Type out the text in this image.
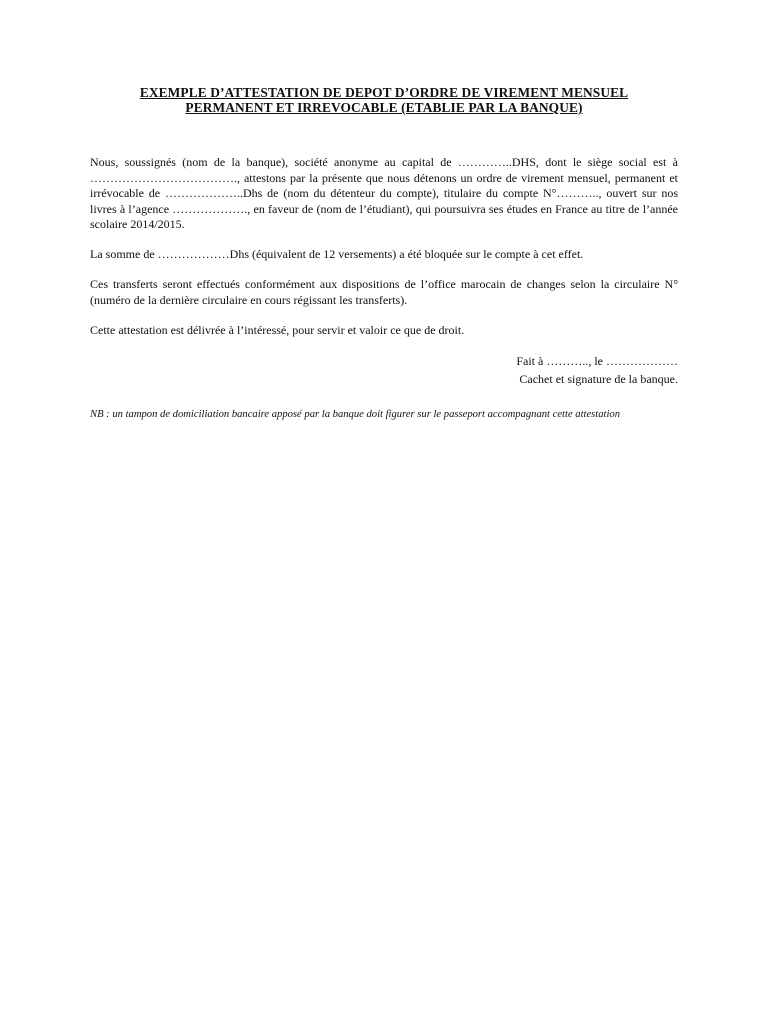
EXEMPLE D’ATTESTATION DE DEPOT D’ORDRE DE VIREMENT MENSUEL
PERMANENT ET IRREVOCABLE (ETABLIE PAR LA BANQUE)

Nous, soussignés (nom de la banque), société anonyme au capital de …………..DHS, dont le siège social est à ………………………………., attestons par la présente que nous détenons un ordre de virement mensuel, permanent et irrévocable de ………………..Dhs de (nom du détenteur du compte), titulaire du compte N°……….., ouvert sur nos livres à l’agence ………………., en faveur de (nom de l’étudiant), qui poursuivra ses études en France au titre de l’année scolaire 2014/2015.

La somme de ………………Dhs (équivalent de 12 versements) a été bloquée sur le compte à cet effet.

Ces transferts seront effectués conformément aux dispositions de l’office marocain de changes selon la circulaire N° (numéro de la dernière circulaire en cours régissant les transferts).

Cette attestation est délivrée à l’intéressé, pour servir et valoir ce que de droit.

Fait à ……….., le ………………
Cachet et signature de la banque.
NB : un tampon de domiciliation bancaire apposé par la banque doit figurer sur le passeport accompagnant cette attestation
